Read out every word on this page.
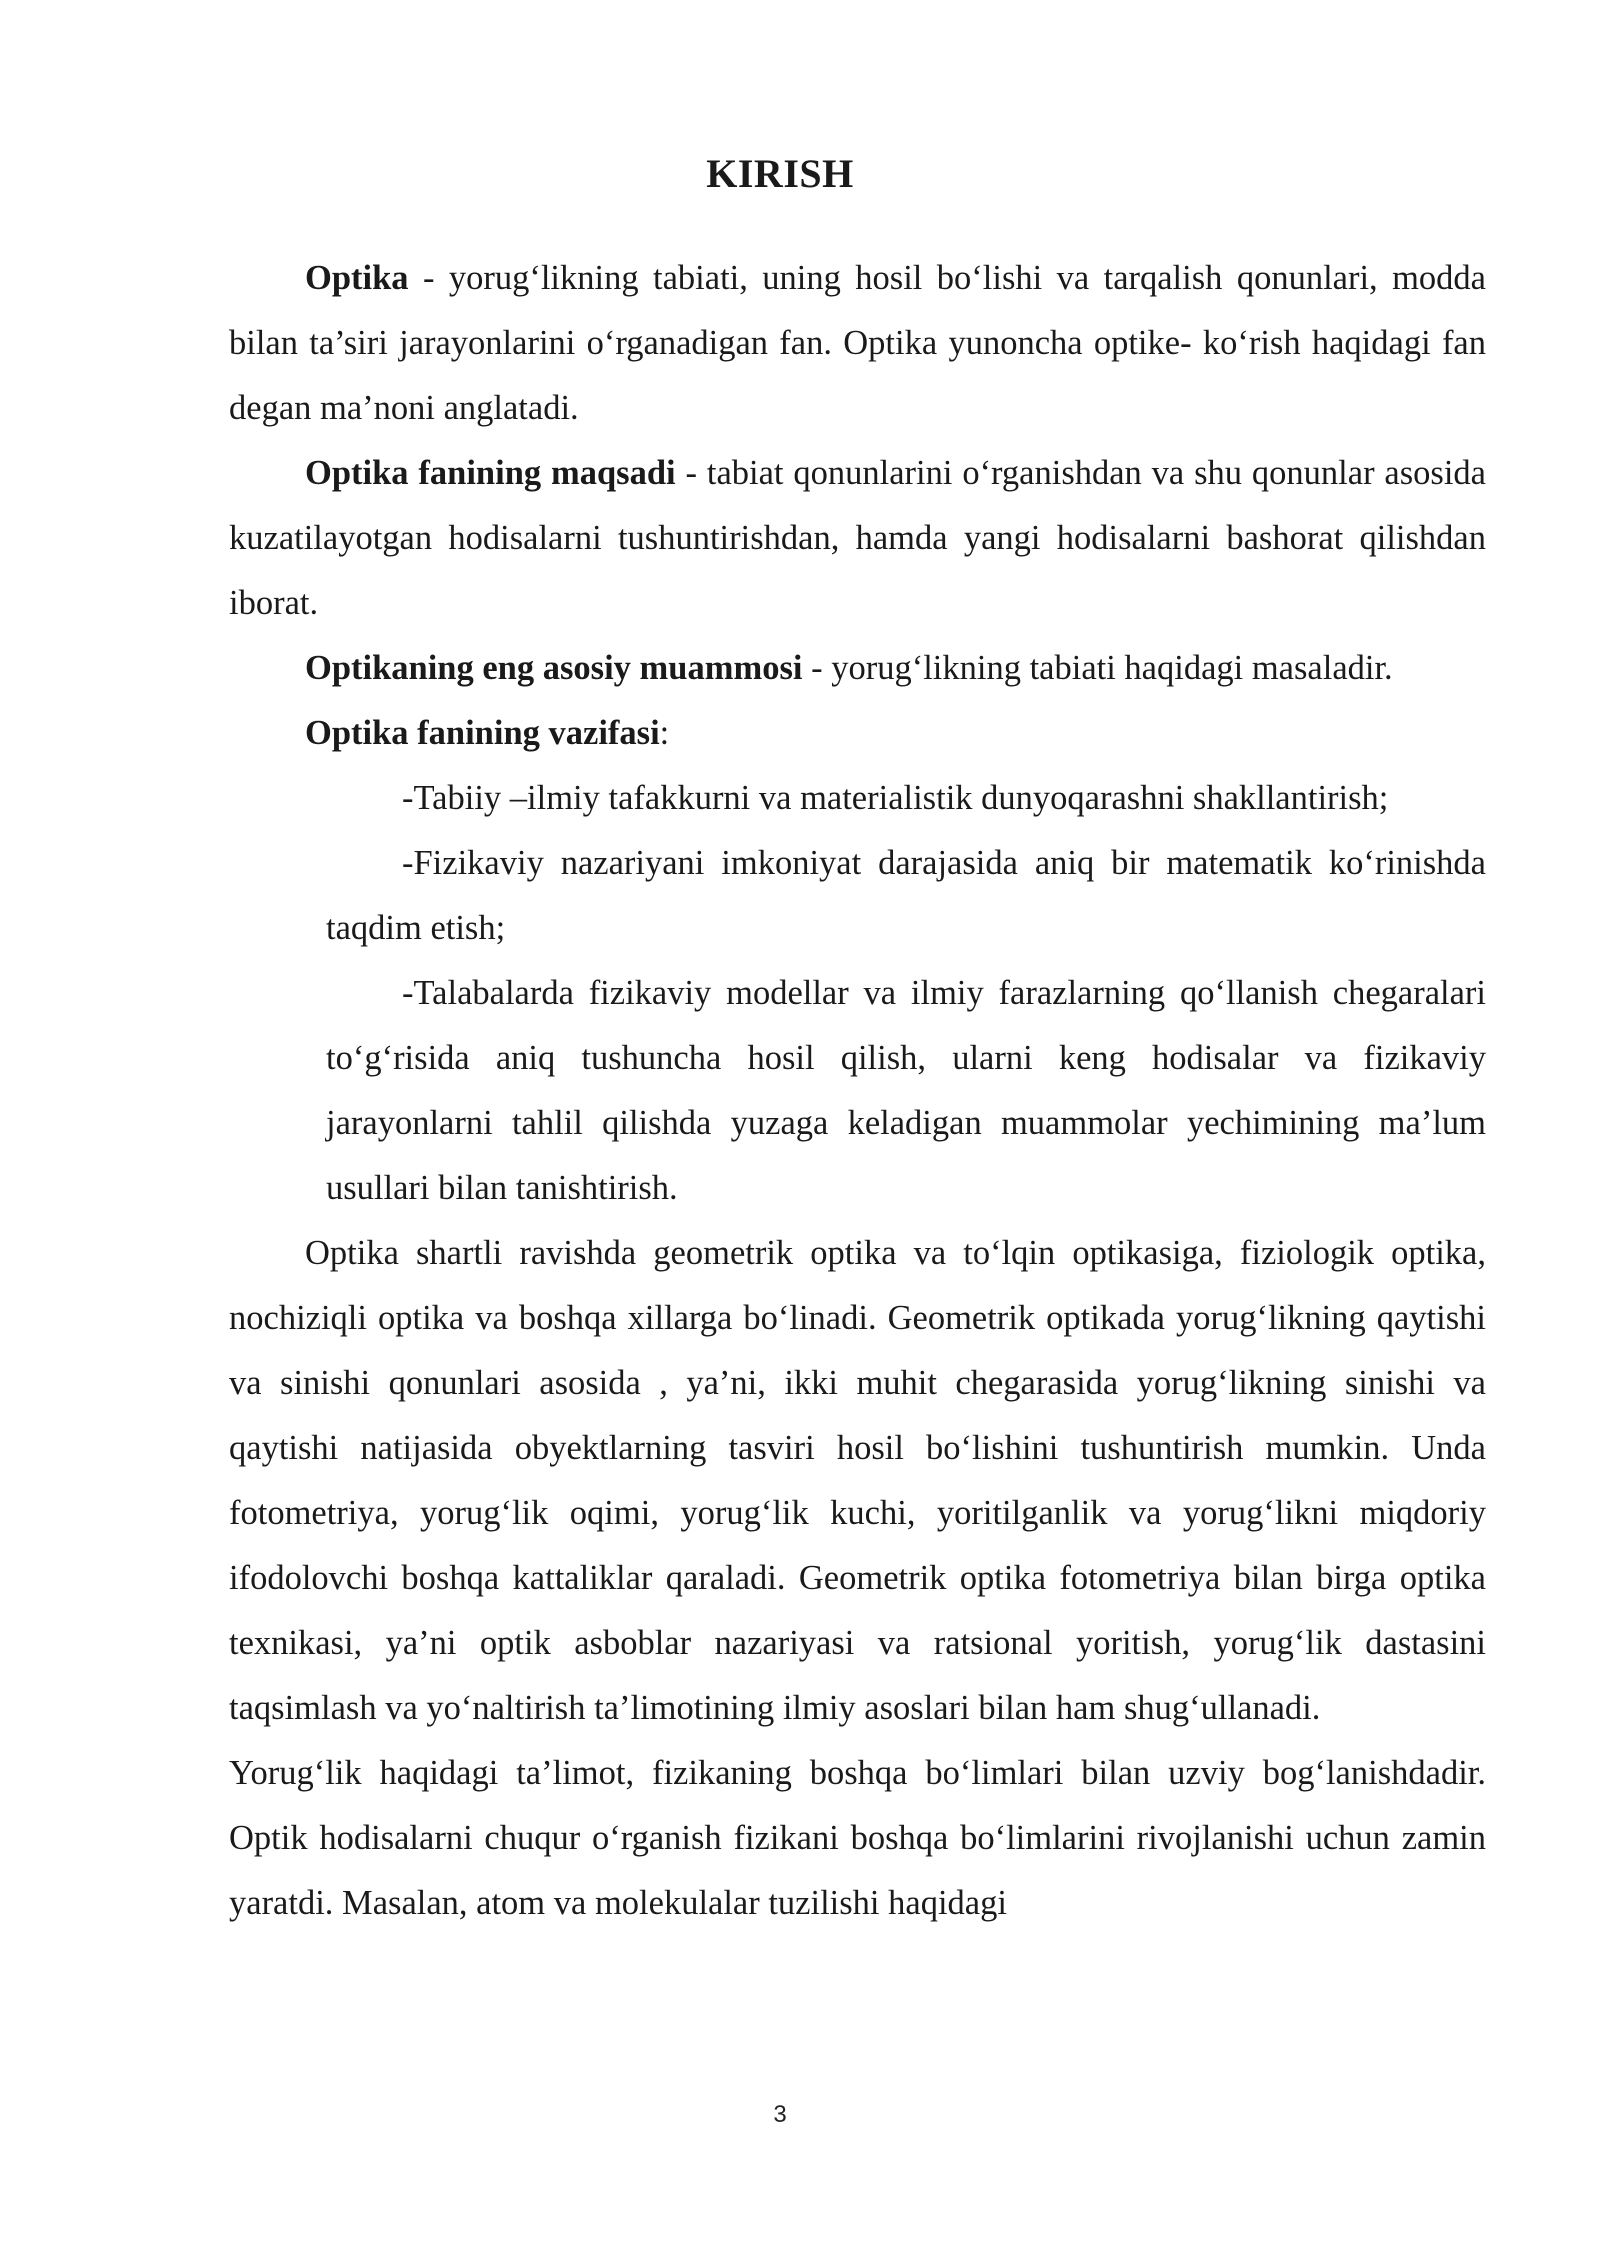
KIRISH

Optika - yorug‘likning tabiati, uning hosil bo‘lishi va tarqalish qonunlari, modda bilan ta’siri jarayonlarini o‘rganadigan fan. Optika yunoncha optike- ko‘rish haqidagi fan degan ma’noni anglatadi.

Optika fanining maqsadi - tabiat qonunlarini o‘rganishdan va shu qonunlar asosida kuzatilayotgan hodisalarni tushuntirishdan, hamda yangi hodisalarni bashorat qilishdan iborat.

Optikaning eng asosiy muammosi - yorug‘likning tabiati haqidagi masaladir.

Optika fanining vazifasi:

-Tabiiy –ilmiy tafakkurni va materialistik dunyoqarashni shakllantirish;
-Fizikaviy nazariyani imkoniyat darajasida aniq bir matematik ko‘rinishda taqdim etish;
-Talabalarda fizikaviy modellar va ilmiy farazlarning qo‘llanish chegaralari to‘g‘risida aniq tushuncha hosil qilish, ularni keng hodisalar va fizikaviy jarayonlarni tahlil qilishda yuzaga keladigan muammolar yechimining ma’lum usullari bilan tanishtirish.

Optika shartli ravishda geometrik optika va to‘lqin optikasiga, fiziologik optika, nochiziqli optika va boshqa xillarga bo‘linadi. Geometrik optikada yorug‘likning qaytishi va sinishi qonunlari asosida , ya’ni, ikki muhit chegarasida yorug‘likning sinishi va qaytishi natijasida obyektlarning tasviri hosil bo‘lishini tushuntirish mumkin. Unda fotometriya, yorug‘lik oqimi, yorug‘lik kuchi, yoritilganlik va yorug‘likni miqdoriy ifodolovchi boshqa kattaliklar qaraladi. Geometrik optika fotometriya bilan birga optika texnikasi, ya’ni optik asboblar nazariyasi va ratsional yoritish, yorug‘lik dastasini taqsimlash va yo‘naltirish ta’limotining ilmiy asoslari bilan ham shug‘ullanadi.

Yorug‘lik haqidagi ta’limot, fizikaning boshqa bo‘limlari bilan uzviy bog‘lanishdadir. Optik hodisalarni chuqur o‘rganish fizikani boshqa bo‘limlarini rivojlanishi uchun zamin yaratdi. Masalan, atom va molekulalar tuzilishi haqidagi

3
